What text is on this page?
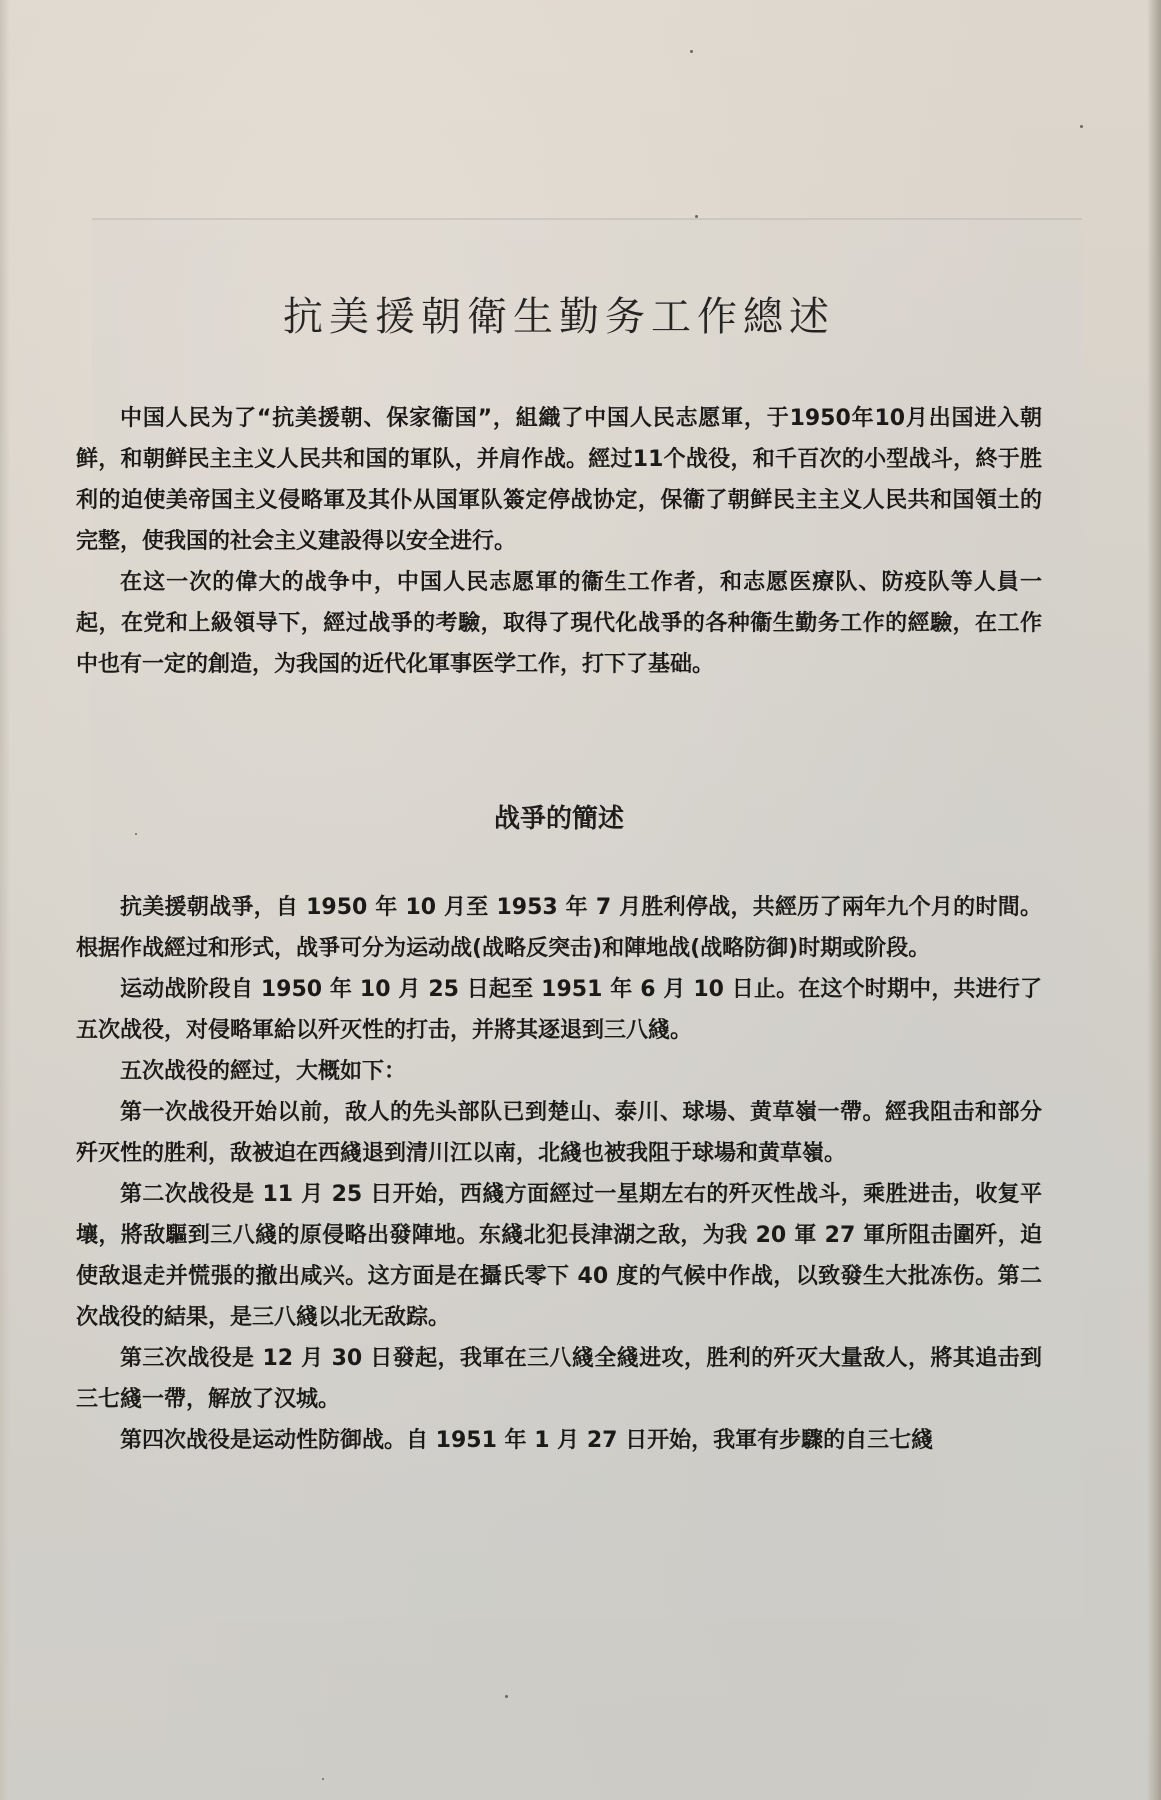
抗美援朝衛生勤务工作總述

中国人民为了“抗美援朝、保家衞国”，組織了中国人民志愿軍，于1950年10月出国进入朝鲜，和朝鲜民主主义人民共和国的軍队，并肩作战。經过11个战役，和千百次的小型战斗，終于胜利的迫使美帝国主义侵略軍及其仆从国軍队簽定停战协定，保衞了朝鲜民主主义人民共和国領土的完整，使我国的社会主义建設得以安全进行。

在这一次的偉大的战争中，中国人民志愿軍的衞生工作者，和志愿医療队、防疫队等人員一起，在党和上級領导下，經过战爭的考驗，取得了現代化战爭的各种衞生勤务工作的經驗，在工作中也有一定的創造，为我国的近代化軍事医学工作，打下了基础。

战爭的簡述

抗美援朝战爭，自 1950 年 10 月至 1953 年 7 月胜利停战，共經历了兩年九个月的时間。根据作战經过和形式，战爭可分为运动战(战略反突击)和陣地战(战略防御)时期或阶段。

运动战阶段自 1950 年 10 月 25 日起至 1951 年 6 月 10 日止。在这个时期中，共进行了五次战役，对侵略軍給以歼灭性的打击，并將其逐退到三八綫。

五次战役的經过，大概如下：

第一次战役开始以前，敌人的先头部队已到楚山、泰川、球場、黄草嶺一帶。經我阻击和部分歼灭性的胜利，敌被迫在西綫退到清川江以南，北綫也被我阻于球場和黄草嶺。

第二次战役是 11 月 25 日开始，西綫方面經过一星期左右的歼灭性战斗，乘胜进击，收复平壤，將敌驅到三八綫的原侵略出發陣地。东綫北犯長津湖之敌，为我 20 軍 27 軍所阻击圍歼，迫使敌退走并慌張的撤出咸兴。这方面是在攝氏零下 40 度的气候中作战，以致發生大批冻伤。第二次战役的結果，是三八綫以北无敌踪。

第三次战役是 12 月 30 日發起，我軍在三八綫全綫进攻，胜利的歼灭大量敌人，將其追击到三七綫一帶，解放了汉城。

第四次战役是运动性防御战。自 1951 年 1 月 27 日开始，我軍有步驟的自三七綫
